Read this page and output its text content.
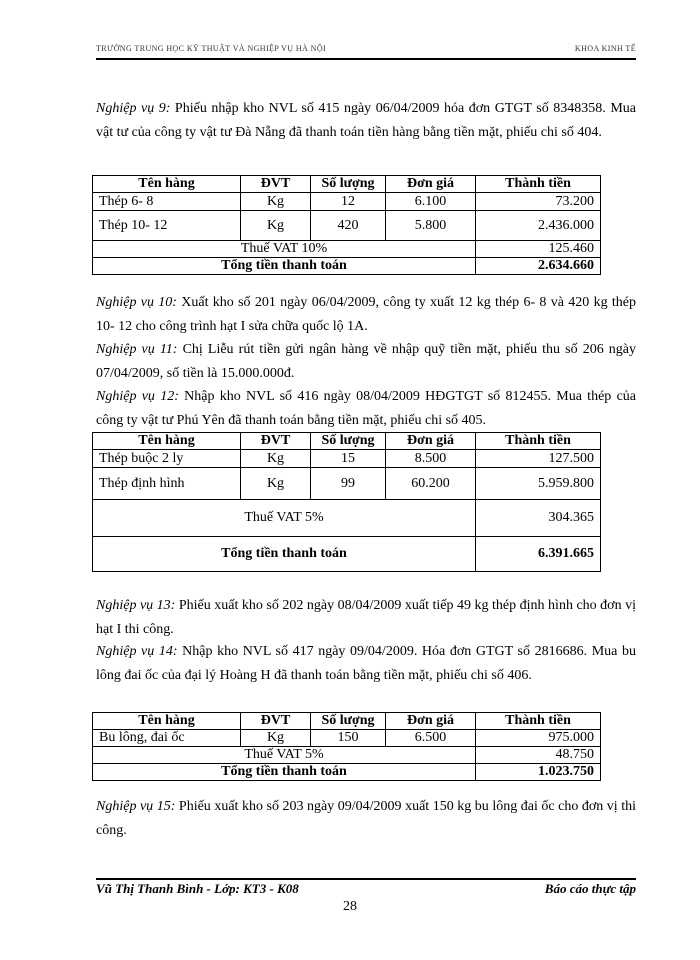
TRƯỜNG TRUNG HỌC KỸ THUẬT VÀ NGHIỆP VỤ HÀ NỘI	KHOA KINH TẾ
Nghiệp vụ 9: Phiếu nhập kho NVL số 415 ngày 06/04/2009 hóa đơn GTGT số 8348358. Mua vật tư của công ty vật tư Đà Nẵng đã thanh toán tiền hàng bằng tiền mặt, phiếu chi số 404.
Tên hàng	ĐVT	Số lượng	Đơn giá	Thành tiền
Thép 6- 8	Kg	12	6.100	73.200
Thép 10- 12	Kg	420	5.800	2.436.000
Thuế VAT 10%				125.460
Tổng tiền thanh toán				2.634.660
Nghiệp vụ 10: Xuất kho số 201 ngày 06/04/2009, công ty xuất 12 kg thép 6- 8 và 420 kg thép 10- 12 cho công trình hạt I sửa chữa quốc lộ 1A.
Nghiệp vụ 11: Chị Liễu rút tiền gửi ngân hàng về nhập quỹ tiền mặt, phiếu thu số 206 ngày 07/04/2009, số tiền là 15.000.000đ.
Nghiệp vụ 12: Nhập kho NVL số 416 ngày 08/04/2009 HĐGTGT số 812455. Mua thép của công ty vật tư Phú Yên đã thanh toán bằng tiền mặt, phiếu chi số 405.
Tên hàng	ĐVT	Số lượng	Đơn giá	Thành tiền
Thép buộc 2 ly	Kg	15	8.500	127.500
Thép định hình	Kg	99	60.200	5.959.800
Thuế VAT 5%				304.365
Tổng tiền thanh toán				6.391.665
Nghiệp vụ 13: Phiếu xuất kho số 202 ngày 08/04/2009 xuất tiếp 49 kg thép định hình cho đơn vị hạt I thi công.
Nghiệp vụ 14: Nhập kho NVL số 417 ngày 09/04/2009. Hóa đơn GTGT số 2816686. Mua bu lông đai ốc của đại lý Hoàng H đã thanh toán bằng tiền mặt, phiếu chi số 406.
Tên hàng	ĐVT	Số lượng	Đơn giá	Thành tiền
Bu lông, đai ốc	Kg	150	6.500	975.000
Thuế VAT 5%				48.750
Tổng tiền thanh toán				1.023.750
Nghiệp vụ 15: Phiếu xuất kho số 203 ngày 09/04/2009 xuất 150 kg bu lông đai ốc cho đơn vị thi công.
Vũ Thị Thanh Bình - Lớp: KT3 - K08	Báo cáo thực tập
28
